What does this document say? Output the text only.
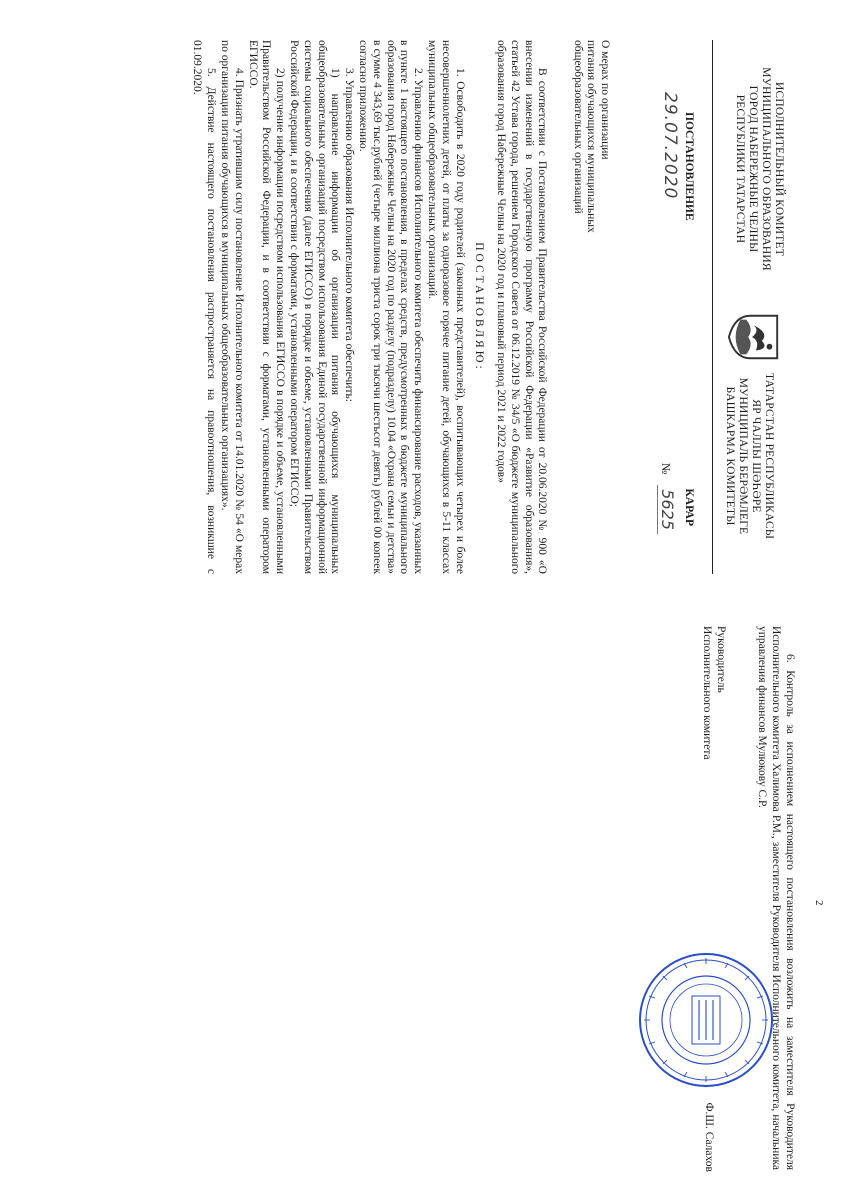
ИСПОЛНИТЕЛЬНЫЙ КОМИТЕТ
МУНИЦИПАЛЬНОГО ОБРАЗОВАНИЯ
ГОРОД НАБЕРЕЖНЫЕ ЧЕЛНЫ
РЕСПУБЛИКИ ТАТАРСТАН
ТАТАРСТАН РЕСПУБЛИКАСЫ
ЯР ЧАЛЛЫ ШӘҺӘРЕ
МУНИЦИПАЛЬ БЕРӘМЛЕГЕ
БАШКАРМА КОМИТЕТЫ
ПОСТАНОВЛЕНИЕ
КАРАР
29.07.2020
№ 5625
О мерах по организации
питания обучающихся муниципальных
общеобразовательных организаций

В соответствии с Постановлением Правительства Российской Федерации от 20.06.2020 № 900 «О внесении изменений в государственную программу Российской Федерации «Развитие образования», статьей 42 Устава города, решением Городского Совета от 06.12.2019 № 34/5 «О бюджете муниципального образования город Набережные Челны на 2020 год и плановый период 2021 и 2022 годов»

ПОСТАНОВЛЯЮ:

1. Освободить в 2020 году родителей (законных представителей), воспитывающих четырех и более несовершеннолетних детей, от платы за одноразовое горячее питание детей, обучающихся в 5-11 классах муниципальных общеобразовательных организаций.

2. Управлению финансов Исполнительного комитета обеспечить финансирование расходов, указанных в пункте 1 настоящего постановления, в пределах средств, предусмотренных в бюджете муниципального образования город Набережные Челны на 2020 год по разделу (подразделу) 10.04 «Охрана семьи и детства» в сумме 4 343,69 тыс.рублей (четыре миллиона триста сорок три тысячи шестьсот девять) рублей 00 копеек согласно приложению.

3. Управлению образования Исполнительного комитета обеспечить:

1) направление информации об организации питания обучающихся муниципальных общеобразовательных организаций посредством использования Единой государственной информационной системы социального обеспечения (далее ЕГИССО) в порядке и объеме, установленными Правительством Российской Федерации, и в соответствии с форматами, установленными оператором ЕГИССО;

2) получение информации посредством использования ЕГИССО в порядке и объеме, установленными Правительством Российской Федерации, и в соответствии с форматами, установленными оператором ЕГИССО.

4. Признать утратившим силу постановление Исполнительного комитета от 14.01.2020 № 54 «О мерах по организации питания обучающихся в муниципальных общеобразовательных организациях».

5. Действие настоящего постановления распространяется на правоотношения, возникшие с 01.09.2020.

2

6. Контроль за исполнением настоящего постановления возложить на заместителя Руководителя Исполнительного комитета Халимова Р.М., заместителя Руководителя Исполнительного комитета, начальника управления финансов Мулюкову С.Р.

Руководитель
Исполнительного комитета
Ф.Ш. Салахов
